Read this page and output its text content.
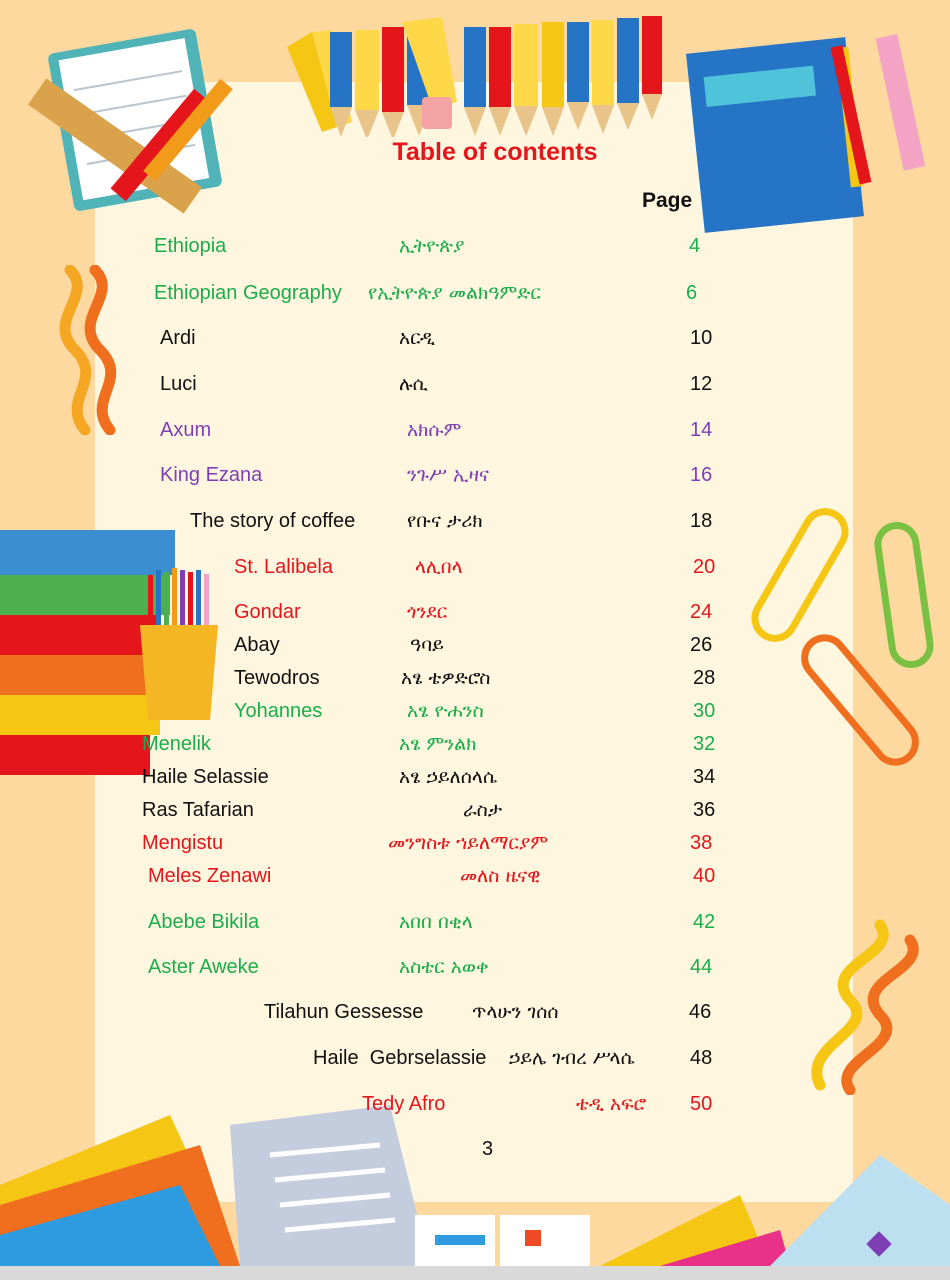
Table of contents
Page
Ethiopia	ኢትዮጵያ	4
Ethiopian Geography የኢትዮጵያ መልክዓምድር	6
Ardi	አርዲ	10
Luci	ሉሲ	12
Axum	አክሱም	14
King Ezana	ንጉሥ ኢዛና	16
The story of coffee	የቡና ታሪክ	18
St. Lalibela	ላሊበላ	20
Gondar	ጎንደር	24
Abay	ዓባይ	26
Tewodros	አፄ ቴዎድሮስ	28
Yohannes	አፄ ዮሐንስ	30
Menelik	አፄ ምንልክ	32
Haile Selassie	አፄ ኃይለሰላሴ	34
Ras Tafarian	ራስታ	36
Mengistu	መንግስቱ ኀይለማርያም	38
Meles Zenawi	መለስ ዜናዊ	40
Abebe Bikila	አበበ በቂላ	42
Aster Aweke	አስቴር አወቀ	44
Tilahun Gessesse	ጥላሁን ገሰሰ	46
Haile  Gebrselassie ኃይሌ ገብረ ሥላሴ	48
Tedy Afro	ቴዲ አፍሮ 50
3
